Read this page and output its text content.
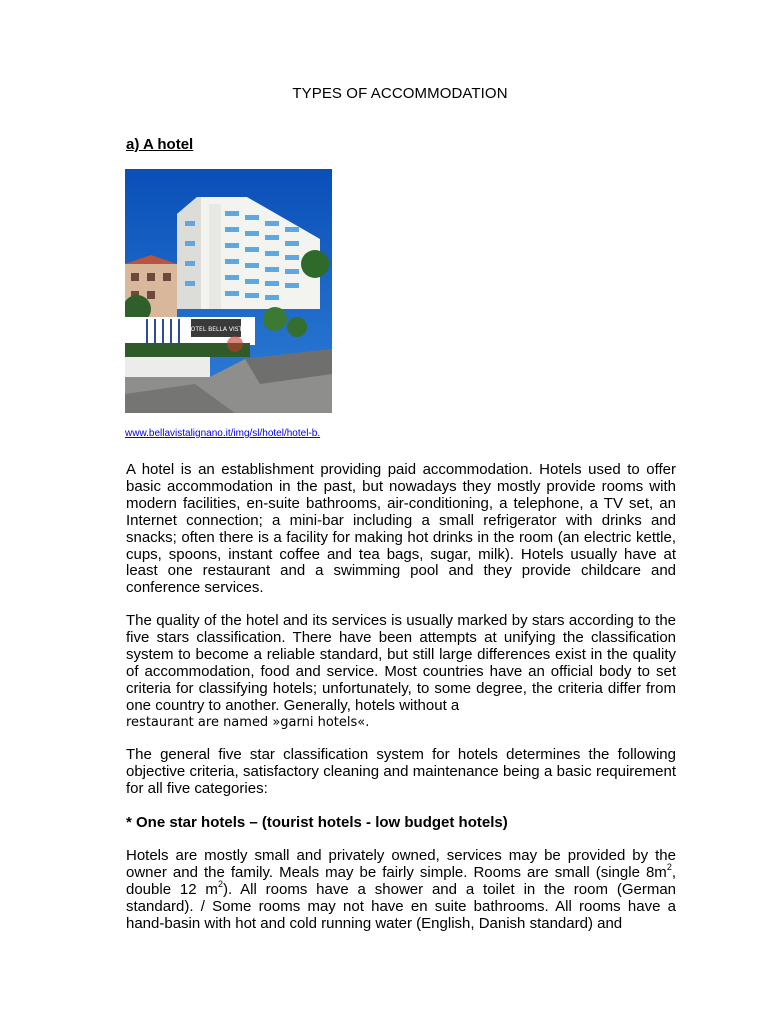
TYPES OF ACCOMMODATION
a) A hotel
HOTEL BELLA VISTA
www.bellavistalignano.it/img/sl/hotel/hotel-b.
A hotel is an establishment providing paid accommodation. Hotels used to offer basic accommodation in the past, but nowadays they mostly provide rooms with modern facilities, en-suite bathrooms, air-conditioning, a telephone, a TV set, an Internet connection; a mini-bar including a small refrigerator with drinks and snacks; often there is a facility for making hot drinks in the room (an electric kettle, cups, spoons, instant coffee and tea bags, sugar, milk). Hotels usually have at least one restaurant and a swimming pool and they provide childcare and conference services.
The quality of the hotel and its services is usually marked by stars according to the five stars classification. There have been attempts at unifying the classification system to become a reliable standard, but still large differences exist in the quality of accommodation, food and service. Most countries have an official body to set criteria for classifying hotels; unfortunately, to some degree, the criteria differ from one country to another. Generally, hotels without a
restaurant are named »garni hotels«.
The general five star classification system for hotels determines the following objective criteria, satisfactory cleaning and maintenance being a basic requirement for all five categories:
* One star hotels – (tourist hotels - low budget hotels)
Hotels are mostly small and privately owned, services may be provided by the owner and the family. Meals may be fairly simple. Rooms are small (single $8m^2$, double 12 $m^2$). All rooms have a shower and a toilet in the room (German standard). / Some rooms may not have en suite bathrooms. All rooms have a hand-basin with hot and cold running water (English, Danish standard) and
